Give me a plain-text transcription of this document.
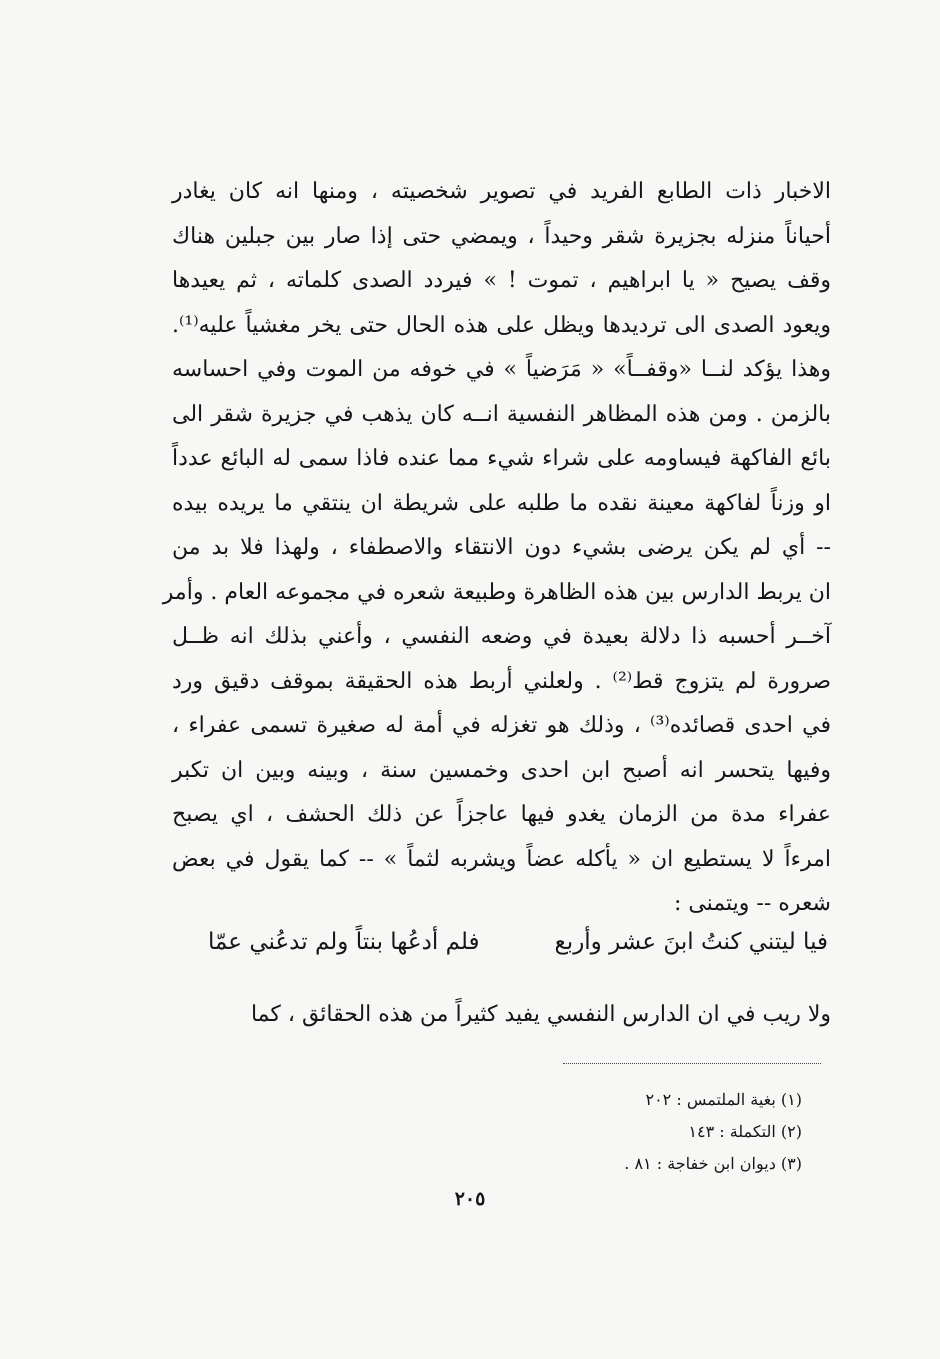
الاخبار ذات الطابع الفريد في تصوير شخصيته ، ومنها انه كان يغادر
أحياناً منزله بجزيرة شقر وحيداً ، ويمضي حتى إذا صار بين جبلين هناك
وقف يصيح « يا ابراهيم ، تموت ! » فيردد الصدى كلماته ، ثم يعيدها
ويعود الصدى الى ترديدها ويظل على هذه الحال حتى يخر مغشياً عليه⁽¹⁾.
وهذا يؤكد لنــا «وقفــاً» « مَرَضياً » في خوفه من الموت وفي احساسه
بالزمن . ومن هذه المظاهر النفسية انــه كان يذهب في جزيرة شقر الى
بائع الفاكهة فيساومه على شراء شيء مما عنده فاذا سمى له البائع عدداً
او وزناً لفاكهة معينة نقده ما طلبه على شريطة ان ينتقي ما يريده بيده
-- أي لم يكن يرضى بشيء دون الانتقاء والاصطفاء ، ولهذا فلا بد من
ان يربط الدارس بين هذه الظاهرة وطبيعة شعره في مجموعه العام . وأمر
آخــر أحسبه ذا دلالة بعيدة في وضعه النفسي ، وأعني بذلك انه ظــل
صرورة لم يتزوج قط⁽²⁾ . ولعلني أربط هذه الحقيقة بموقف دقيق ورد
في احدى قصائده⁽³⁾ ، وذلك هو تغزله في أمة له صغيرة تسمى عفراء ،
وفيها يتحسر انه أصبح ابن احدى وخمسين سنة ، وبينه وبين ان تكبر
عفراء مدة من الزمان يغدو فيها عاجزاً عن ذلك الحشف ، اي يصبح
امرءاً لا يستطيع ان « يأكله عضاً ويشربه لثماً » -- كما يقول في بعض
شعره -- ويتمنى :
فيا ليتني كنتُ ابنَ عشر وأربع
فلم أدعُها بنتاً ولم تدعُني عمّا
ولا ريب في ان الدارس النفسي يفيد كثيراً من هذه الحقائق ، كما
(١) بغية الملتمس : ٢٠٢
(٢) التكملة : ١٤٣
(٣) ديوان ابن خفاجة : ٨١ .
٢٠٥
